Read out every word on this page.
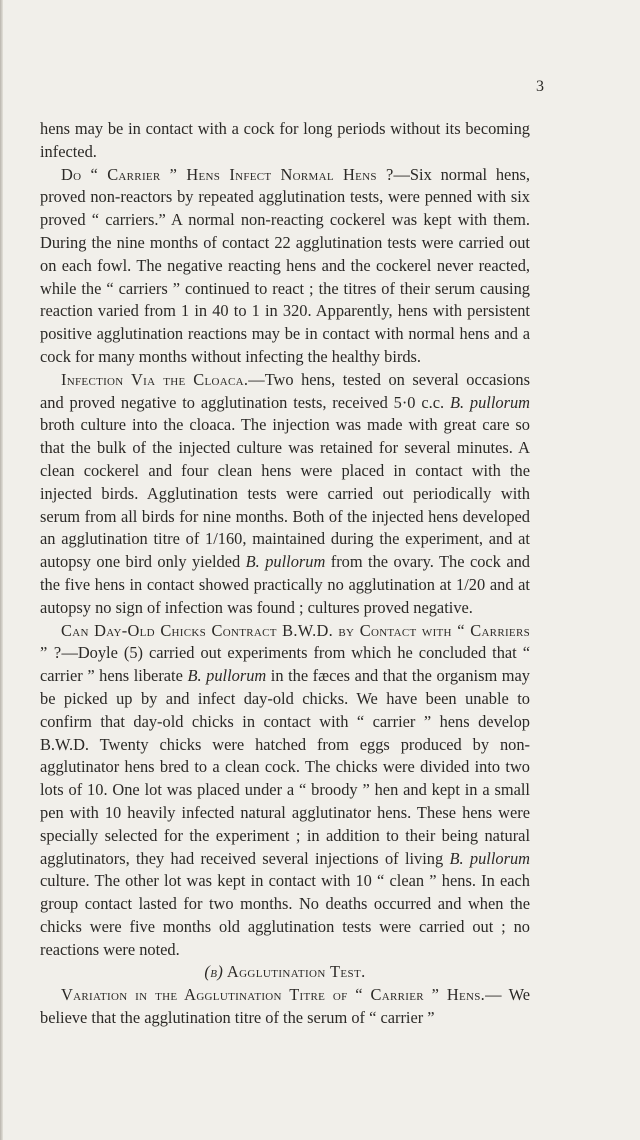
3

hens may be in contact with a cock for long periods without its becoming infected.

Do “ Carrier ” Hens Infect Normal Hens ?—Six normal hens, proved non-reactors by repeated agglutination tests, were penned with six proved “ carriers.” A normal non-reacting cockerel was kept with them. During the nine months of contact 22 agglutination tests were carried out on each fowl. The negative reacting hens and the cockerel never reacted, while the “ carriers ” continued to react ; the titres of their serum causing reaction varied from 1 in 40 to 1 in 320. Apparently, hens with persistent positive agglutination reactions may be in contact with normal hens and a cock for many months without infecting the healthy birds.

Infection Via the Cloaca.—Two hens, tested on several occasions and proved negative to agglutination tests, received 5·0 c.c. B. pullorum broth culture into the cloaca. The injection was made with great care so that the bulk of the injected culture was retained for several minutes. A clean cockerel and four clean hens were placed in contact with the injected birds. Agglutination tests were carried out periodically with serum from all birds for nine months. Both of the injected hens developed an agglutination titre of 1/160, maintained during the experiment, and at autopsy one bird only yielded B. pullorum from the ovary. The cock and the five hens in contact showed practically no agglutination at 1/20 and at autopsy no sign of infection was found ; cultures proved negative.

Can Day-Old Chicks Contract B.W.D. by Contact with “ Carriers ” ?—Doyle (5) carried out experiments from which he concluded that “ carrier ” hens liberate B. pullorum in the fæces and that the organism may be picked up by and infect day-old chicks. We have been unable to confirm that day-old chicks in contact with “ carrier ” hens develop B.W.D. Twenty chicks were hatched from eggs produced by non-agglutinator hens bred to a clean cock. The chicks were divided into two lots of 10. One lot was placed under a “ broody ” hen and kept in a small pen with 10 heavily infected natural agglutinator hens. These hens were specially selected for the experiment ; in addition to their being natural agglutinators, they had received several injections of living B. pullorum culture. The other lot was kept in contact with 10 “ clean ” hens. In each group contact lasted for two months. No deaths occurred and when the chicks were five months old agglutination tests were carried out ; no reactions were noted.

(b) Agglutination Test.

Variation in the Agglutination Titre of “ Carrier ” Hens.— We believe that the agglutination titre of the serum of “ carrier ”
